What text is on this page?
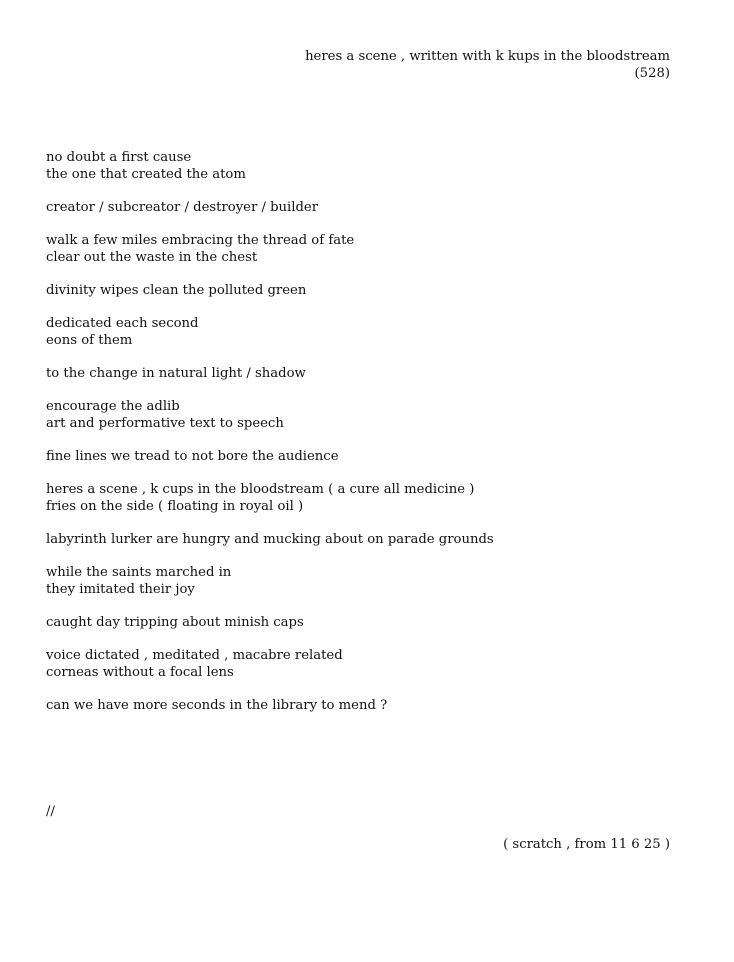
heres a scene , written with k kups in the bloodstream
(528)
no doubt a first cause
the one that created the atom
creator / subcreator / destroyer / builder
walk a few miles embracing the thread of fate
clear out the waste in the chest
divinity wipes clean the polluted green
dedicated each second
eons of them
to the change in natural light / shadow
encourage the adlib
art and performative text to speech
fine lines we tread to not bore the audience
heres a scene , k cups in the bloodstream ( a cure all medicine )
fries on the side ( floating in royal oil )
labyrinth lurker are hungry and mucking about on parade grounds
while the saints marched in
they imitated their joy
caught day tripping about minish caps
voice dictated , meditated , macabre related
corneas without a focal lens
can we have more seconds in the library to mend ?
//
( scratch , from 11 6 25 )
